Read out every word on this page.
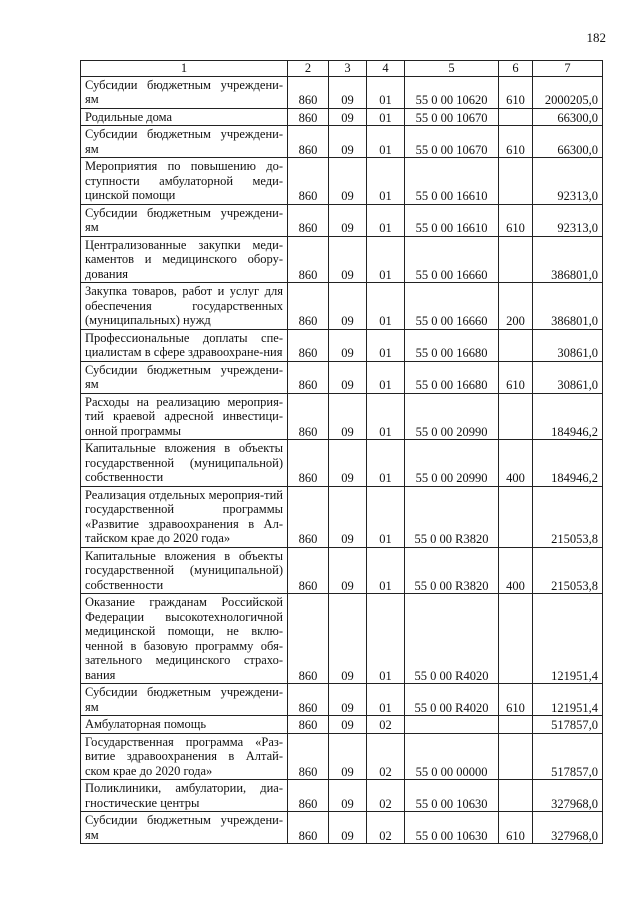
182
1	2	3	4	5	6	7
Субсидии бюджетным учреждени-ям	860	09	01	55 0 00 10620	610	2000205,0
Родильные дома	860	09	01	55 0 00 10670		66300,0
Субсидии бюджетным учреждени-ям	860	09	01	55 0 00 10670	610	66300,0
Мероприятия по повышению до-ступности амбулаторной меди-цинской помощи	860	09	01	55 0 00 16610		92313,0
Субсидии бюджетным учреждени-ям	860	09	01	55 0 00 16610	610	92313,0
Централизованные закупки меди-каментов и медицинского обору-дования	860	09	01	55 0 00 16660		386801,0
Закупка товаров, работ и услуг для обеспечения государственных (муниципальных) нужд	860	09	01	55 0 00 16660	200	386801,0
Профессиональные доплаты спе-циалистам в сфере здравоохране-ния	860	09	01	55 0 00 16680		30861,0
Субсидии бюджетным учреждени-ям	860	09	01	55 0 00 16680	610	30861,0
Расходы на реализацию мероприя-тий краевой адресной инвестици-онной программы	860	09	01	55 0 00 20990		184946,2
Капитальные вложения в объекты государственной (муниципальной) собственности	860	09	01	55 0 00 20990	400	184946,2
Реализация отдельных мероприя-тий государственной программы «Развитие здравоохранения в Ал-тайском крае до 2020 года»	860	09	01	55 0 00 R3820		215053,8
Капитальные вложения в объекты государственной (муниципальной) собственности	860	09	01	55 0 00 R3820	400	215053,8
Оказание гражданам Российской Федерации высокотехнологичной медицинской помощи, не вклю-ченной в базовую программу обя-зательного медицинского страхо-вания	860	09	01	55 0 00 R4020		121951,4
Субсидии бюджетным учреждени-ям	860	09	01	55 0 00 R4020	610	121951,4
Амбулаторная помощь	860	09	02			517857,0
Государственная программа «Раз-витие здравоохранения в Алтай-ском крае до 2020 года»	860	09	02	55 0 00 00000		517857,0
Поликлиники, амбулатории, диа-гностические центры	860	09	02	55 0 00 10630		327968,0
Субсидии бюджетным учреждени-ям	860	09	02	55 0 00 10630	610	327968,0
